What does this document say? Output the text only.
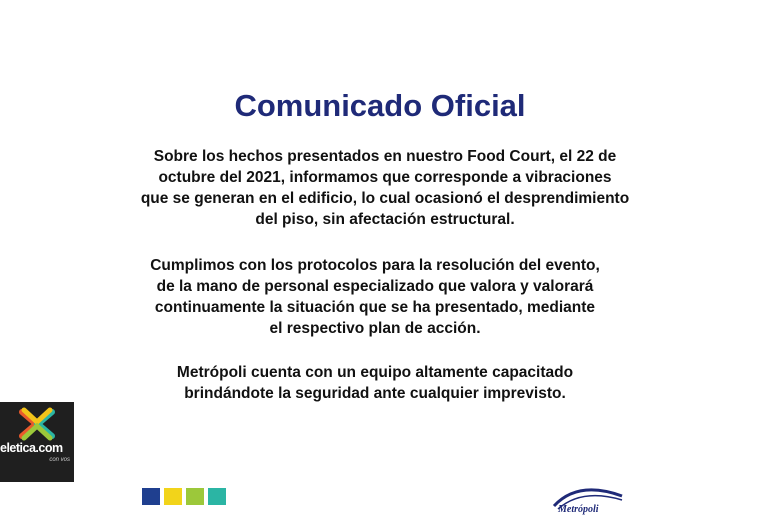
Comunicado Oficial
Sobre los hechos presentados en nuestro Food Court, el 22 de
octubre del 2021, informamos que corresponde a vibraciones
que se generan en el edificio, lo cual ocasionó el desprendimiento
del piso, sin afectación estructural.
Cumplimos con los protocolos para la resolución del evento,
de la mano de personal especializado que valora y valorará
continuamente la situación que se ha presentado, mediante
el respectivo plan de acción.
Metrópoli cuenta con un equipo altamente capacitado
brindándote la seguridad ante cualquier imprevisto.
eletica.com
con vos
Metrópoli
